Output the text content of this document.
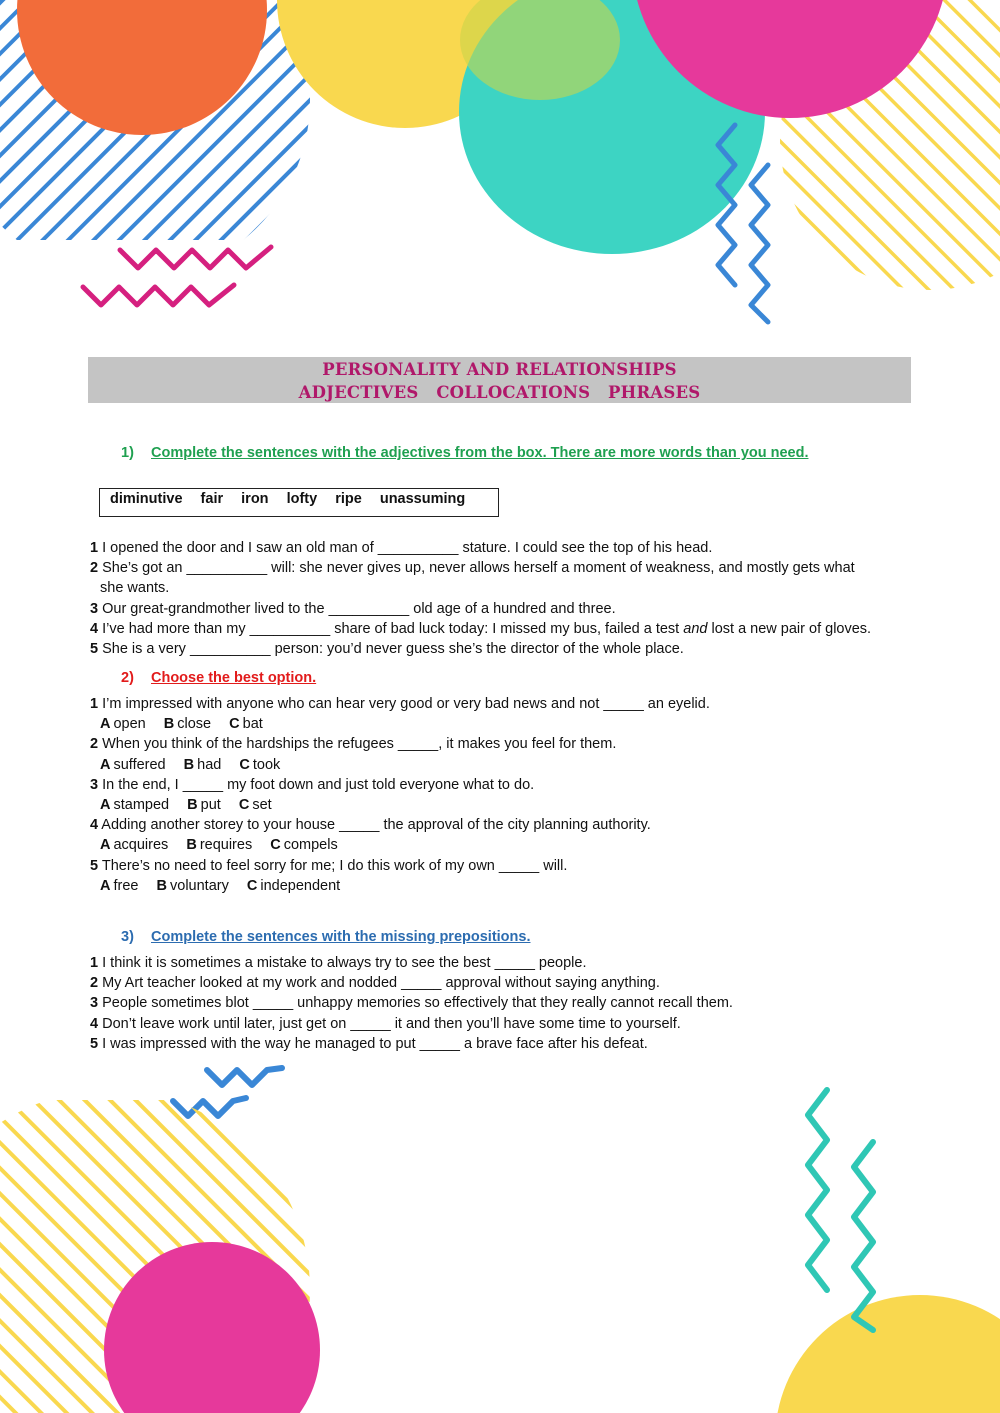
PERSONALITY AND RELATIONSHIPS
ADJECTIVES   COLLOCATIONS   PHRASES
1) Complete the sentences with the adjectives from the box. There are more words than you need.
diminutive fair iron lofty ripe unassuming

1 I opened the door and I saw an old man of __________ stature. I could see the top of his head.

2 She’s got an __________ will: she never gives up, never allows herself a moment of weakness, and mostly gets what

she wants.

3 Our great-grandmother lived to the __________ old age of a hundred and three.

4 I’ve had more than my __________ share of bad luck today: I missed my bus, failed a test and lost a new pair of gloves.

5 She is a very __________ person: you’d never guess she’s the director of the whole place.

2) Choose the best option.

1 I’m impressed with anyone who can hear very good or very bad news and not _____ an eyelid.

A open B close C bat

2 When you think of the hardships the refugees _____, it makes you feel for them.

A suffered B had C took

3 In the end, I _____ my foot down and just told everyone what to do.

A stamped B put C set

4 Adding another storey to your house _____ the approval of the city planning authority.

A acquires B requires C compels

5 There’s no need to feel sorry for me; I do this work of my own _____ will.

A free B voluntary C independent

3) Complete the sentences with the missing prepositions.

1 I think it is sometimes a mistake to always try to see the best _____ people.

2 My Art teacher looked at my work and nodded _____ approval without saying anything.

3 People sometimes blot _____ unhappy memories so effectively that they really cannot recall them.

4 Don’t leave work until later, just get on _____ it and then you’ll have some time to yourself.

5 I was impressed with the way he managed to put _____ a brave face after his defeat.
